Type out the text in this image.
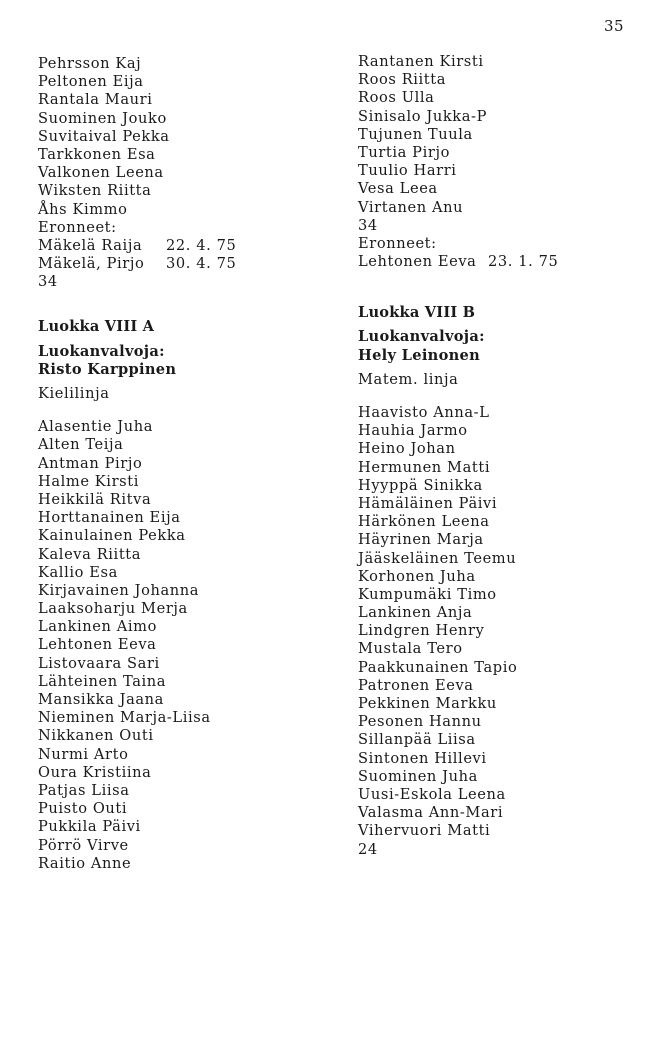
35
Pehrsson Kaj
Peltonen Eija
Rantala Mauri
Suominen Jouko
Suvitaival Pekka
Tarkkonen Esa
Valkonen Leena
Wiksten Riitta
Åhs Kimmo
Eronneet:
Mäkelä Raija 22. 4. 75
Mäkelä, Pirjo 30. 4. 75
34
Luokka VIII A
Luokanvalvoja:
Risto Karppinen
Kielilinja
Alasentie Juha
Alten Teija
Antman Pirjo
Halme Kirsti
Heikkilä Ritva
Horttanainen Eija
Kainulainen Pekka
Kaleva Riitta
Kallio Esa
Kirjavainen Johanna
Laaksoharju Merja
Lankinen Aimo
Lehtonen Eeva
Listovaara Sari
Lähteinen Taina
Mansikka Jaana
Nieminen Marja-Liisa
Nikkanen Outi
Nurmi Arto
Oura Kristiina
Patjas Liisa
Puisto Outi
Pukkila Päivi
Pörrö Virve
Raitio Anne
Rantanen Kirsti
Roos Riitta
Roos Ulla
Sinisalo Jukka-P
Tujunen Tuula
Turtia Pirjo
Tuulio Harri
Vesa Leea
Virtanen Anu
34
Eronneet:
Lehtonen Eeva 23. 1. 75
Luokka VIII B
Luokanvalvoja:
Hely Leinonen
Matem. linja
Haavisto Anna-L
Hauhia Jarmo
Heino Johan
Hermunen Matti
Hyyppä Sinikka
Hämäläinen Päivi
Härkönen Leena
Häyrinen Marja
Jääskeläinen Teemu
Korhonen Juha
Kumpumäki Timo
Lankinen Anja
Lindgren Henry
Mustala Tero
Paakkunainen Tapio
Patronen Eeva
Pekkinen Markku
Pesonen Hannu
Sillanpää Liisa
Sintonen Hillevi
Suominen Juha
Uusi-Eskola Leena
Valasma Ann-Mari
Vihervuori Matti
24
